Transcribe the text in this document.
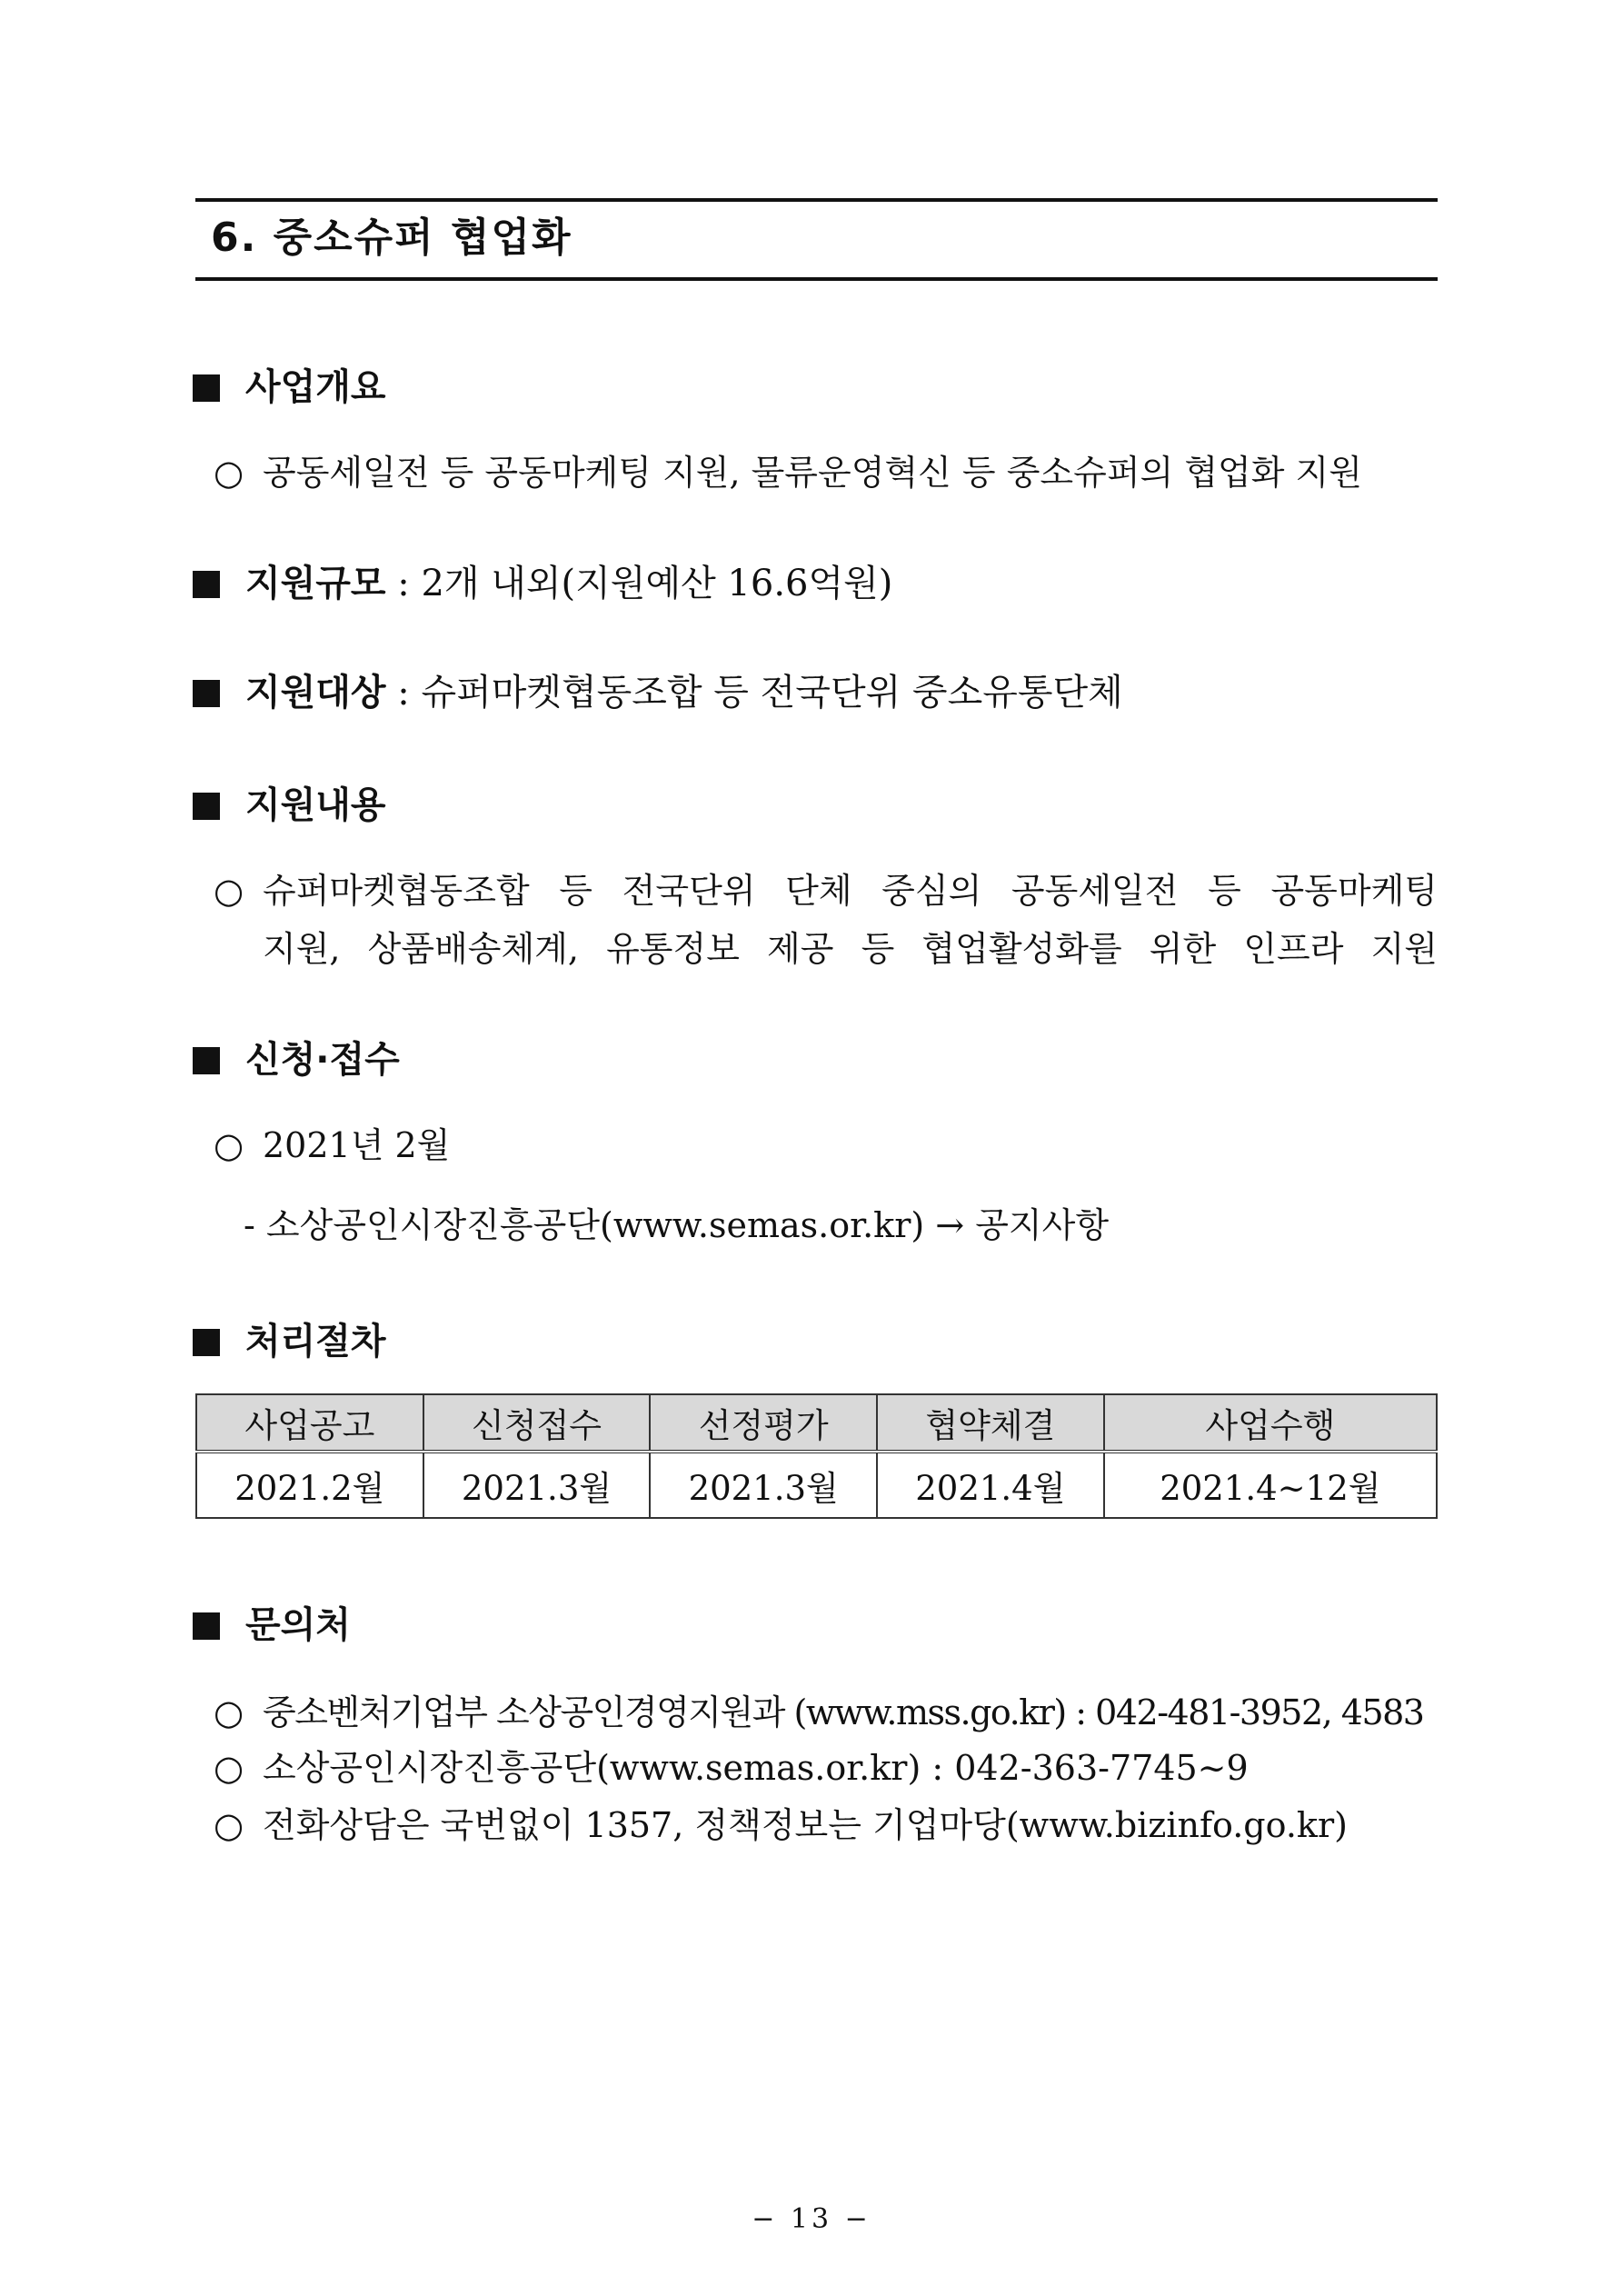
6. 중소슈퍼 협업화
사업개요
○ 공동세일전 등 공동마케팅 지원, 물류운영혁신 등 중소슈퍼의 협업화 지원
지원규모 : 2개 내외(지원예산 16.6억원)
지원대상 : 슈퍼마켓협동조합 등 전국단위 중소유통단체
지원내용
○ 슈퍼마켓협동조합 등 전국단위 단체 중심의 공동세일전 등 공동마케팅
지원, 상품배송체계, 유통정보 제공 등 협업활성화를 위한 인프라 지원
신청·접수
○ 2021년 2월
- 소상공인시장진흥공단(www.semas.or.kr) → 공지사항
처리절차
사업공고	신청접수	선정평가	협약체결	사업수행
2021.2월	2021.3월	2021.3월	2021.4월	2021.4~12월
문의처
○ 중소벤처기업부 소상공인경영지원과 (www.mss.go.kr) : 042-481-3952, 4583
○ 소상공인시장진흥공단(www.semas.or.kr) : 042-363-7745~9
○ 전화상담은 국번없이 1357, 정책정보는 기업마당(www.bizinfo.go.kr)
− 13 −
